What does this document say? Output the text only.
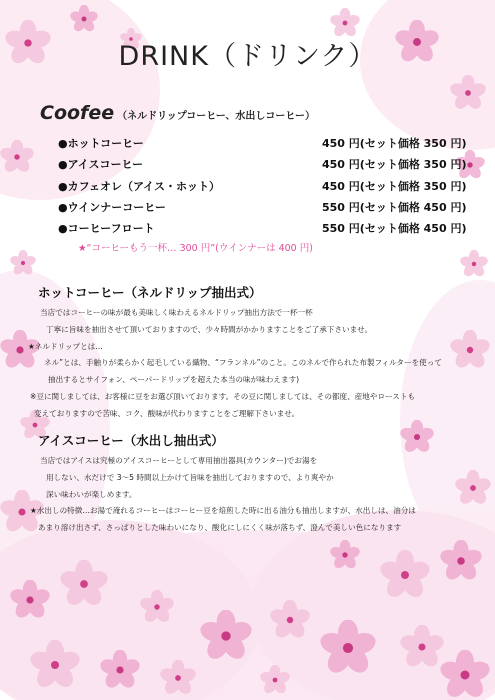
DRINK（ドリンク）
Coofee （ネルドリップコーヒー、水出しコーヒー）
●ホットコーヒー	450 円(セット価格 350 円)
●アイスコーヒー	450 円(セット価格 350 円)
●カフェオレ（アイス・ホット）	450 円(セット価格 350 円)
●ウインナーコーヒー	550 円(セット価格 450 円)
●コーヒーフロート	550 円(セット価格 450 円)
★“コーヒーもう一杯… 300 円”(ウインナーは 400 円)
ホットコーヒー（ネルドリップ抽出式）
当店ではコーヒーの味が最も美味しく味わえるネルドリップ抽出方法で一杯一杯
丁寧に旨味を抽出させて頂いておりますので、少々時間がかかりますことをご了承下さいませ。
★ネルドリップとは…
ネル”とは、手触りが柔らかく起毛している織物、“フランネル”のこと。このネルで作られた布製フィルターを使って
抽出するとサイフォン、ペーパードリップを超えた本当の味が味わえます)
※豆に関しましては、お客様に豆をお選び頂いております。その豆に関しましては、その都度、産地やローストも
変えておりますので苦味、コク、酸味が代わりますことをご理解下さいませ。
アイスコーヒー（水出し抽出式）
当店ではアイスは究極のアイスコーヒーとして専用抽出器具(カウンター)でお湯を
用しない、水だけで 3～5 時間以上かけて旨味を抽出しておりますので、より爽やか
深い味わいが楽しめます。
★水出しの特徴…お湯で淹れるコーヒーはコーヒー豆を焙煎した時に出る油分も抽出しますが、水出しは、油分は
あまり溶け出さず、さっぱりとした味わいになり、酸化にしにくく味が落ちず、澄んで美しい色になります
